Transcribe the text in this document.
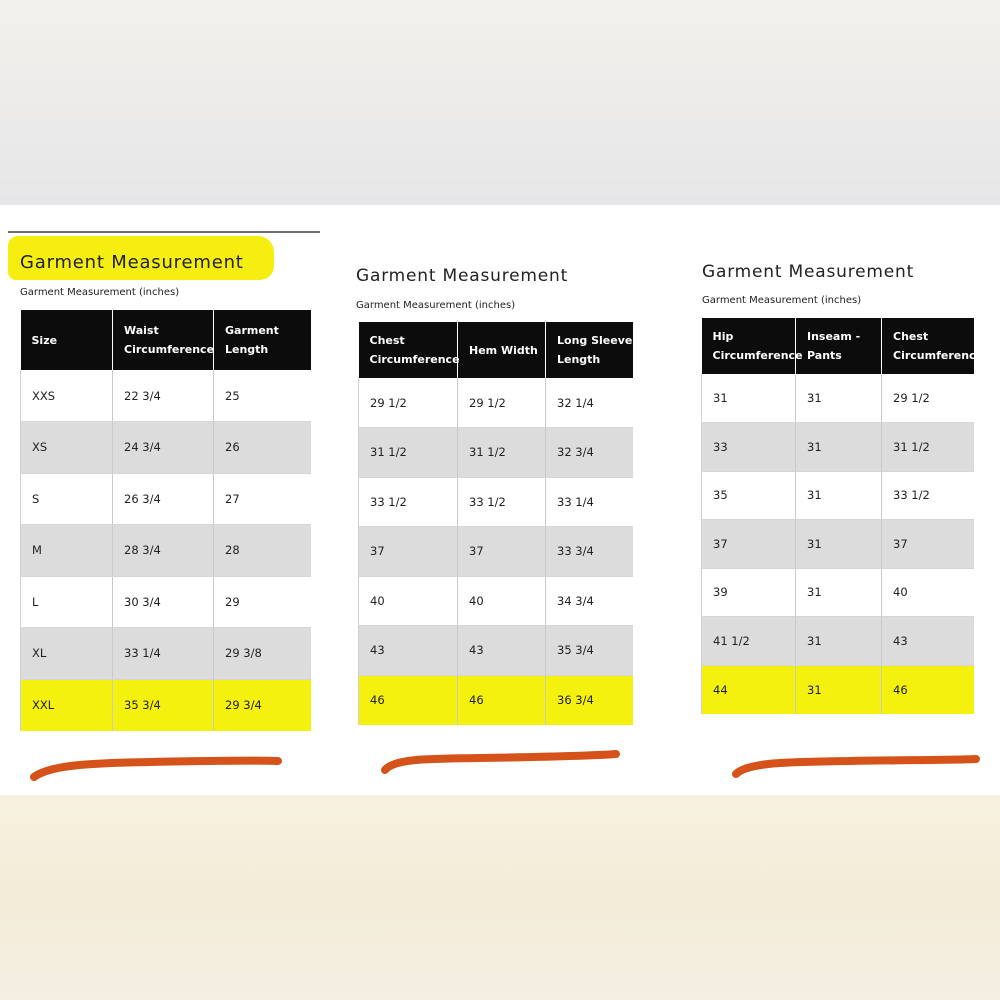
Garment Measurement
Garment Measurement (inches)
Size	Waist Circumference	Garment Length
XXS	22 3/4	25
XS	24 3/4	26
S	26 3/4	27
M	28 3/4	28
L	30 3/4	29
XL	33 1/4	29 3/8
XXL	35 3/4	29 3/4
Garment Measurement
Garment Measurement (inches)
Chest Circumference	Hem Width	Long Sleeve Length
29 1/2	29 1/2	32 1/4
31 1/2	31 1/2	32 3/4
33 1/2	33 1/2	33 1/4
37	37	33 3/4
40	40	34 3/4
43	43	35 3/4
46	46	36 3/4
Garment Measurement
Garment Measurement (inches)
Hip Circumference	Inseam - Pants	Chest Circumference
31	31	29 1/2
33	31	31 1/2
35	31	33 1/2
37	31	37
39	31	40
41 1/2	31	43
44	31	46
